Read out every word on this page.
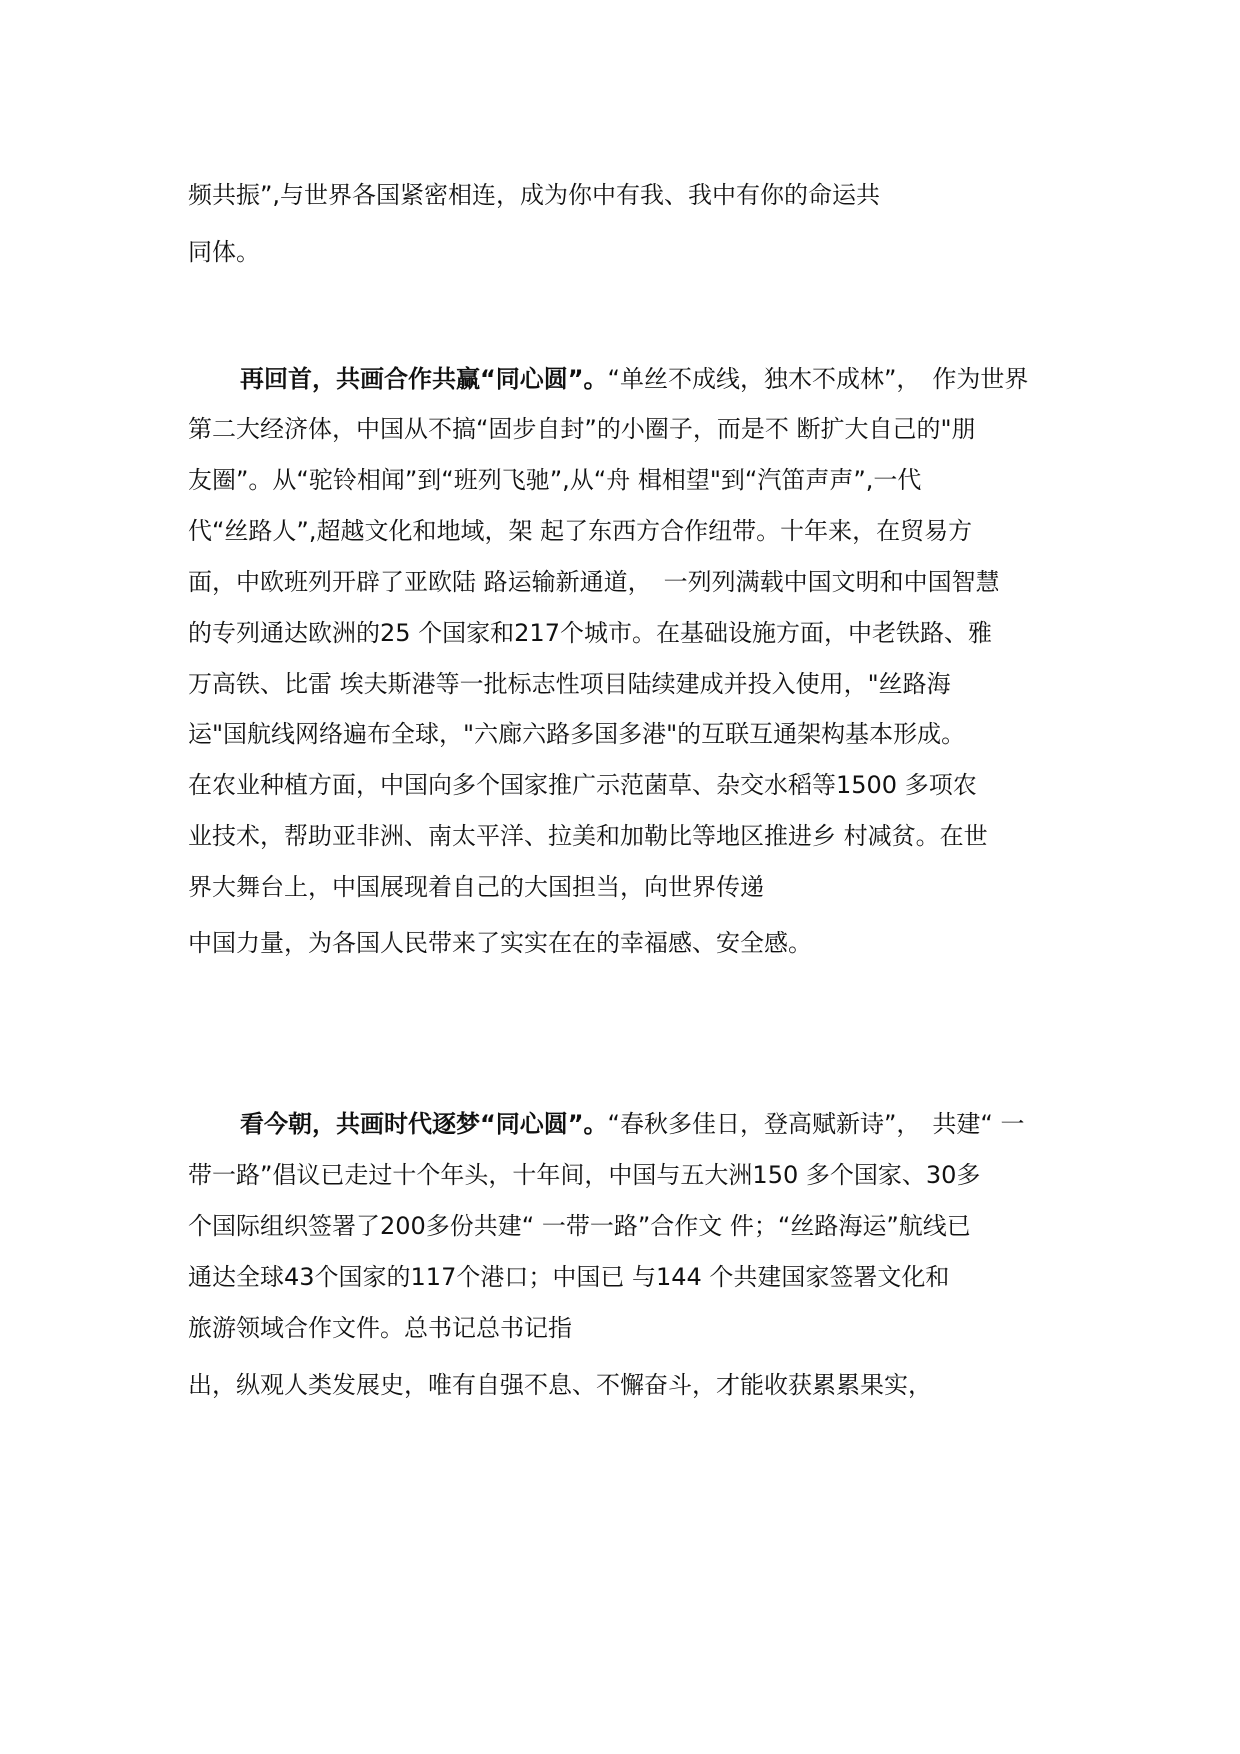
频共振”,与世界各国紧密相连，成为你中有我、我中有你的命运共
同体。
再回首，共画合作共赢“同心圆”。“单丝不成线，独木不成林”，　作为世界
第二大经济体，中国从不搞“固步自封”的小圈子，而是不 断扩大自己的"朋
友圈”。从“驼铃相闻”到“班列飞驰”,从“舟 楫相望"到“汽笛声声”,一代
代“丝路人”,超越文化和地域，架 起了东西方合作纽带。十年来，在贸易方
面，中欧班列开辟了亚欧陆 路运输新通道，　一列列满载中国文明和中国智慧
的专列通达欧洲的25 个国家和217个城市。在基础设施方面，中老铁路、雅
万高铁、比雷 埃夫斯港等一批标志性项目陆续建成并投入使用，"丝路海
运"国航线网络遍布全球，"六廊六路多国多港"的互联互通架构基本形成。
在农业种植方面，中国向多个国家推广示范菌草、杂交水稻等1500 多项农
业技术，帮助亚非洲、南太平洋、拉美和加勒比等地区推进乡 村减贫。在世
界大舞台上，中国展现着自己的大国担当，向世界传递
中国力量，为各国人民带来了实实在在的幸福感、安全感。
看今朝，共画时代逐梦“同心圆”。“春秋多佳日，登高赋新诗”，　共建“ 一
带一路”倡议已走过十个年头，十年间，中国与五大洲150 多个国家、30多
个国际组织签署了200多份共建“ 一带一路”合作文 件；“丝路海运”航线已
通达全球43个国家的117个港口；中国已 与144 个共建国家签署文化和
旅游领域合作文件。总书记总书记指
出，纵观人类发展史，唯有自强不息、不懈奋斗，才能收获累累果实，
